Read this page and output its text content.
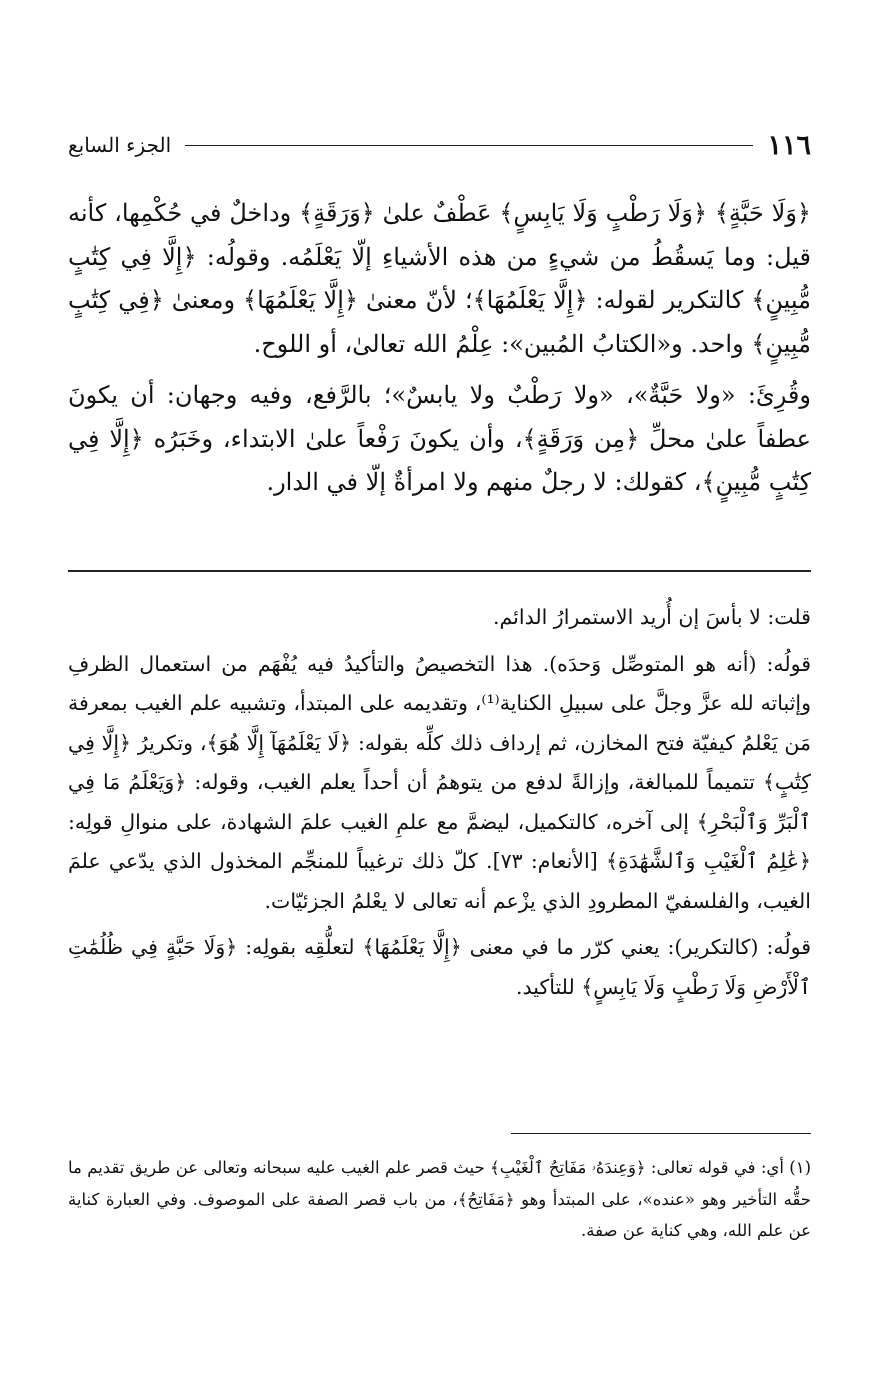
١١٦
الجزء السابع

﴿وَلَا حَبَّةٍ﴾ ﴿وَلَا رَطْبٍ وَلَا يَابِسٍ﴾ عَطْفٌ علىٰ ﴿وَرَقَةٍ﴾ وداخلٌ في حُكْمِها، كأنه قيل: وما يَسقُطُ من شيءٍ من هذه الأشياءِ إلّا يَعْلَمُه. وقولُه: ﴿إِلَّا فِي كِتَٰبٍ مُّبِينٍ﴾ كالتكرير لقوله: ﴿إِلَّا يَعْلَمُهَا﴾؛ لأنّ معنىٰ ﴿إِلَّا يَعْلَمُهَا﴾ ومعنىٰ ﴿فِي كِتَٰبٍ مُّبِينٍ﴾ واحد. و«الكتابُ المُبين»: عِلْمُ الله تعالىٰ، أو اللوح.

وقُرِئَ: «ولا حَبَّةٌ»، «ولا رَطْبٌ ولا يابسٌ»؛ بالرَّفع، وفيه وجهان: أن يكونَ عطفاً علىٰ محلِّ ﴿مِن وَرَقَةٍ﴾، وأن يكونَ رَفْعاً علىٰ الابتداء، وخَبَرُه ﴿إِلَّا فِي كِتَٰبٍ مُّبِينٍ﴾، كقولك: لا رجلٌ منهم ولا امرأةٌ إلّا في الدار.

قلت: لا بأسَ إن أُريد الاستمرارُ الدائم.

قولُه: (أنه هو المتوصِّل وَحدَه). هذا التخصيصُ والتأكيدُ فيه يُفْهَم من استعمال الظرفِ وإثباته لله عزَّ وجلَّ على سبيلِ الكناية⁽¹⁾، وتقديمه على المبتدأ، وتشبيه علم الغيب بمعرفة مَن يَعْلمُ كيفيّة فتح المخازن، ثم إرداف ذلك كلِّه بقوله: ﴿لَا يَعْلَمُهَآ إِلَّا هُوَ﴾، وتكريرُ ﴿إِلَّا فِي كِتَٰبٍ﴾ تتميماً للمبالغة، وإزالةً لدفع من يتوهمُ أن أحداً يعلم الغيب، وقوله: ﴿وَيَعْلَمُ مَا فِي ٱلْبَرِّ وَٱلْبَحْرِ﴾ إلى آخره، كالتكميل، ليضمَّ مع علمِ الغيب علمَ الشهادة، على منوالِ قولِه: ﴿عَٰلِمُ ٱلْغَيْبِ وَٱلشَّهَٰدَةِ﴾ [الأنعام: ٧٣]. كلّ ذلك ترغيباً للمنجِّم المخذول الذي يدّعي علمَ الغيب، والفلسفيّ المطرودِ الذي يزْعم أنه تعالى لا يعْلمُ الجزئيّات.

قولُه: (كالتكرير): يعني كرّر ما في معنى ﴿إِلَّا يَعْلَمُهَا﴾ لتعلُّقِه بقولِه: ﴿وَلَا حَبَّةٍ فِي ظُلُمَٰتِ ٱلْأَرْضِ وَلَا رَطْبٍ وَلَا يَابِسٍ﴾ للتأكيد.

(١) أي: في قوله تعالى: ﴿وَعِندَهُۥ مَفَاتِحُ ٱلْغَيْبِ﴾ حيث قصر علم الغيب عليه سبحانه وتعالى عن طريق تقديم ما حقُّه التأخير وهو «عنده»، على المبتدأ وهو ﴿مَفَاتِحُ﴾، من باب قصر الصفة على الموصوف. وفي العبارة كناية عن علم الله، وهي كناية عن صفة.
